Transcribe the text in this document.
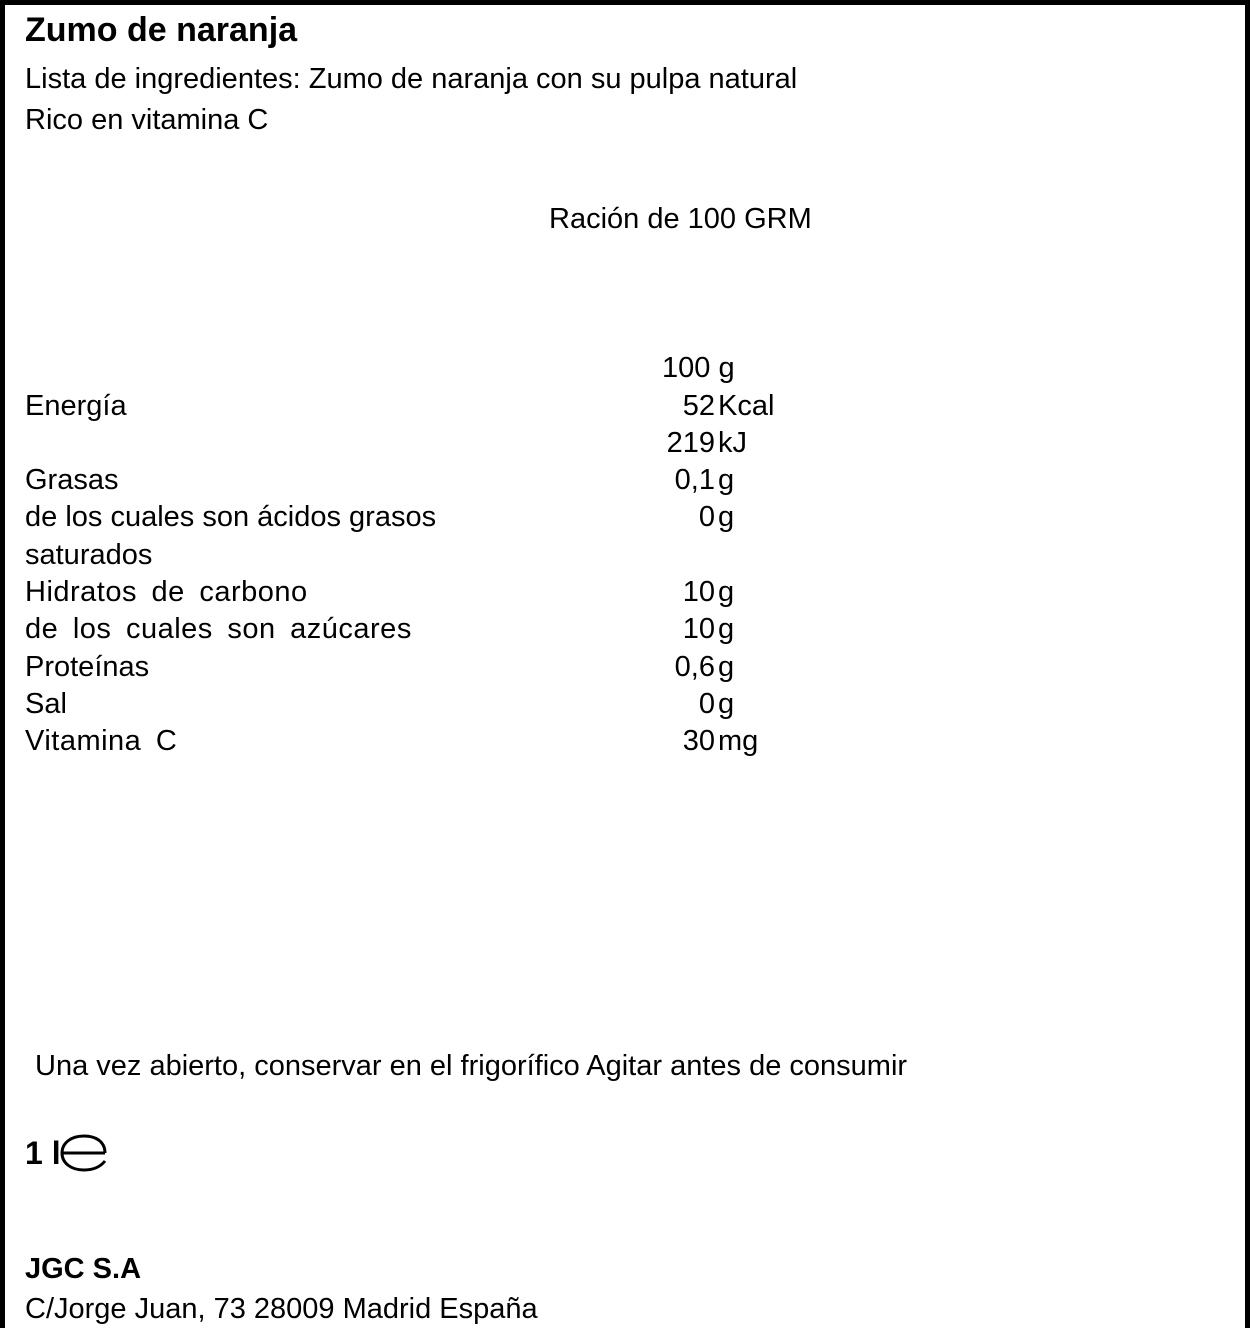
Zumo de naranja
Lista de ingredientes: Zumo de naranja con su pulpa natural
Rico en vitamina C
Ración de 100 GRM
100 g
Energía	52 Kcal
219 kJ
Grasas	0,1 g
de los cuales son ácidos grasos	0 g
saturados
Hidratos de carbono	10 g
de los cuales son azúcares	10 g
Proteínas	0,6 g
Sal	0 g
Vitamina C	30 mg
Una vez abierto, conservar en el frigorífico Agitar antes de consumir
1 l
JGC S.A
C/Jorge Juan, 73 28009 Madrid España
